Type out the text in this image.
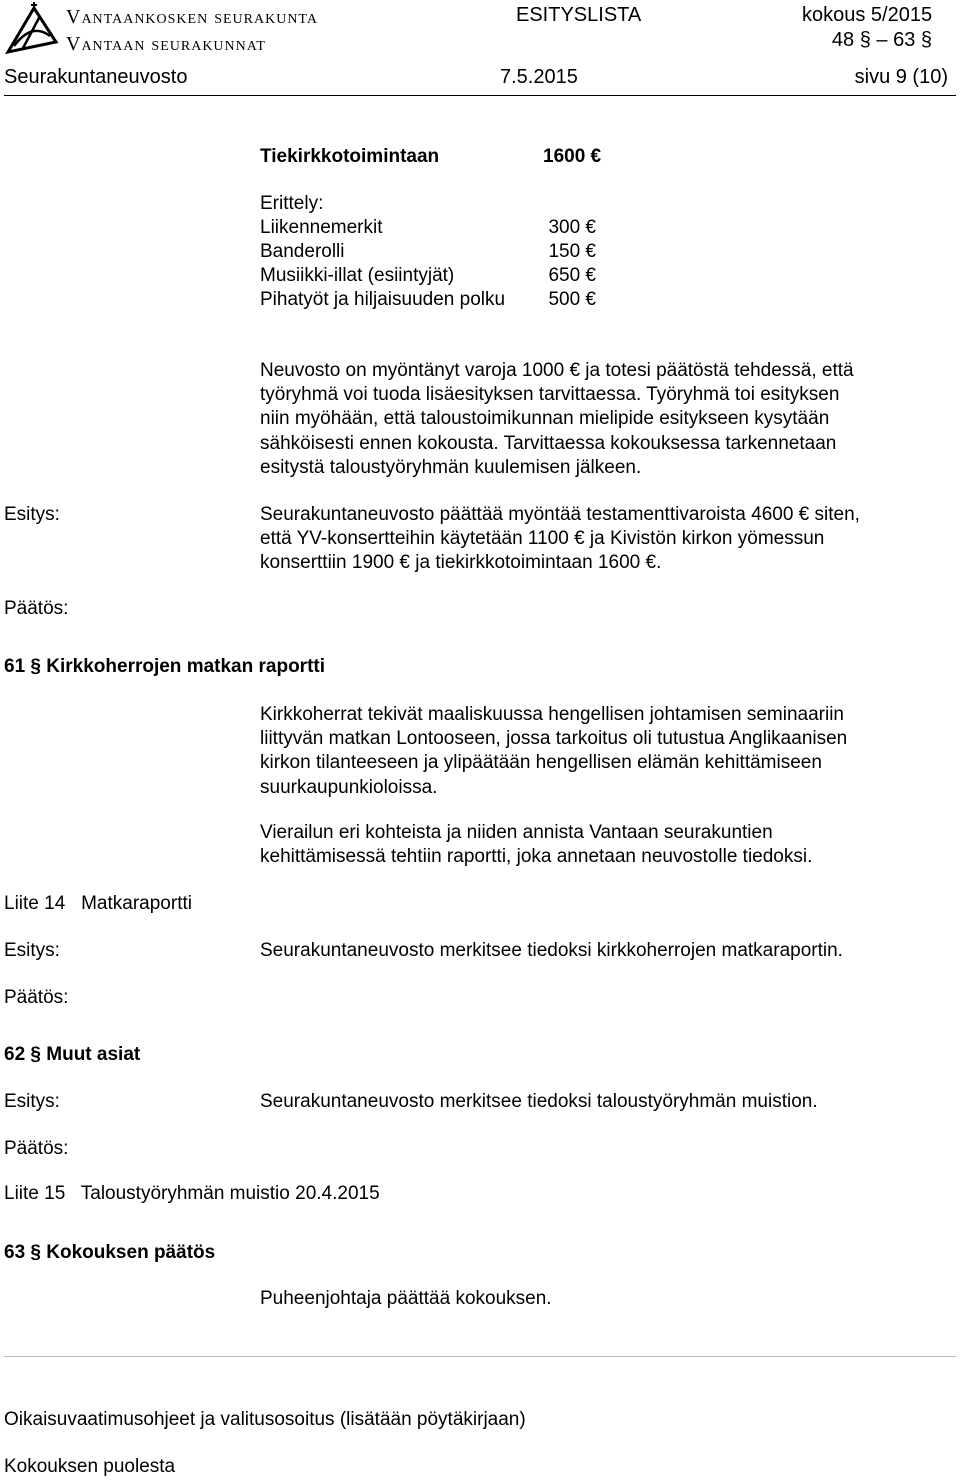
Vantaankosken seurakunta
Vantaan seurakunnat
ESITYSLISTA	kokous 5/2015
48 § – 63 §
Seurakuntaneuvosto	7.5.2015	sivu 9 (10)
Tiekirkkotoimintaan	1600 €
Erittely:
Liikennemerkit	300 €
Banderolli	150 €
Musiikki-illat (esiintyjät)	650 €
Pihatyöt ja hiljaisuuden polku 500 €
Neuvosto on myöntänyt varoja 1000 € ja totesi päätöstä tehdessä, että
työryhmä voi tuoda lisäesityksen tarvittaessa. Työryhmä toi esityksen
niin myöhään, että taloustoimikunnan mielipide esitykseen kysytään
sähköisesti ennen kokousta. Tarvittaessa kokouksessa tarkennetaan
esitystä taloustyöryhmän kuulemisen jälkeen.
Esitys:	Seurakuntaneuvosto päättää myöntää testamenttivaroista 4600 € siten,
että YV-konsertteihin käytetään 1100 € ja Kivistön kirkon yömessun
konserttiin 1900 € ja tiekirkkotoimintaan 1600 €.
Päätös:
61 § Kirkkoherrojen matkan raportti
Kirkkoherrat tekivät maaliskuussa hengellisen johtamisen seminaariin
liittyvän matkan Lontooseen, jossa tarkoitus oli tutustua Anglikaanisen
kirkon tilanteeseen ja ylipäätään hengellisen elämän kehittämiseen
suurkaupunkioloissa.
Vierailun eri kohteista ja niiden annista Vantaan seurakuntien
kehittämisessä tehtiin raportti, joka annetaan neuvostolle tiedoksi.
Liite 14   Matkaraportti
Esitys:	Seurakuntaneuvosto merkitsee tiedoksi kirkkoherrojen matkaraportin.
Päätös:
62 § Muut asiat
Esitys:	Seurakuntaneuvosto merkitsee tiedoksi taloustyöryhmän muistion.
Päätös:
Liite 15   Taloustyöryhmän muistio 20.4.2015
63 § Kokouksen päätös
Puheenjohtaja päättää kokouksen.
Oikaisuvaatimusohjeet ja valitusosoitus (lisätään pöytäkirjaan)
Kokouksen puolesta
